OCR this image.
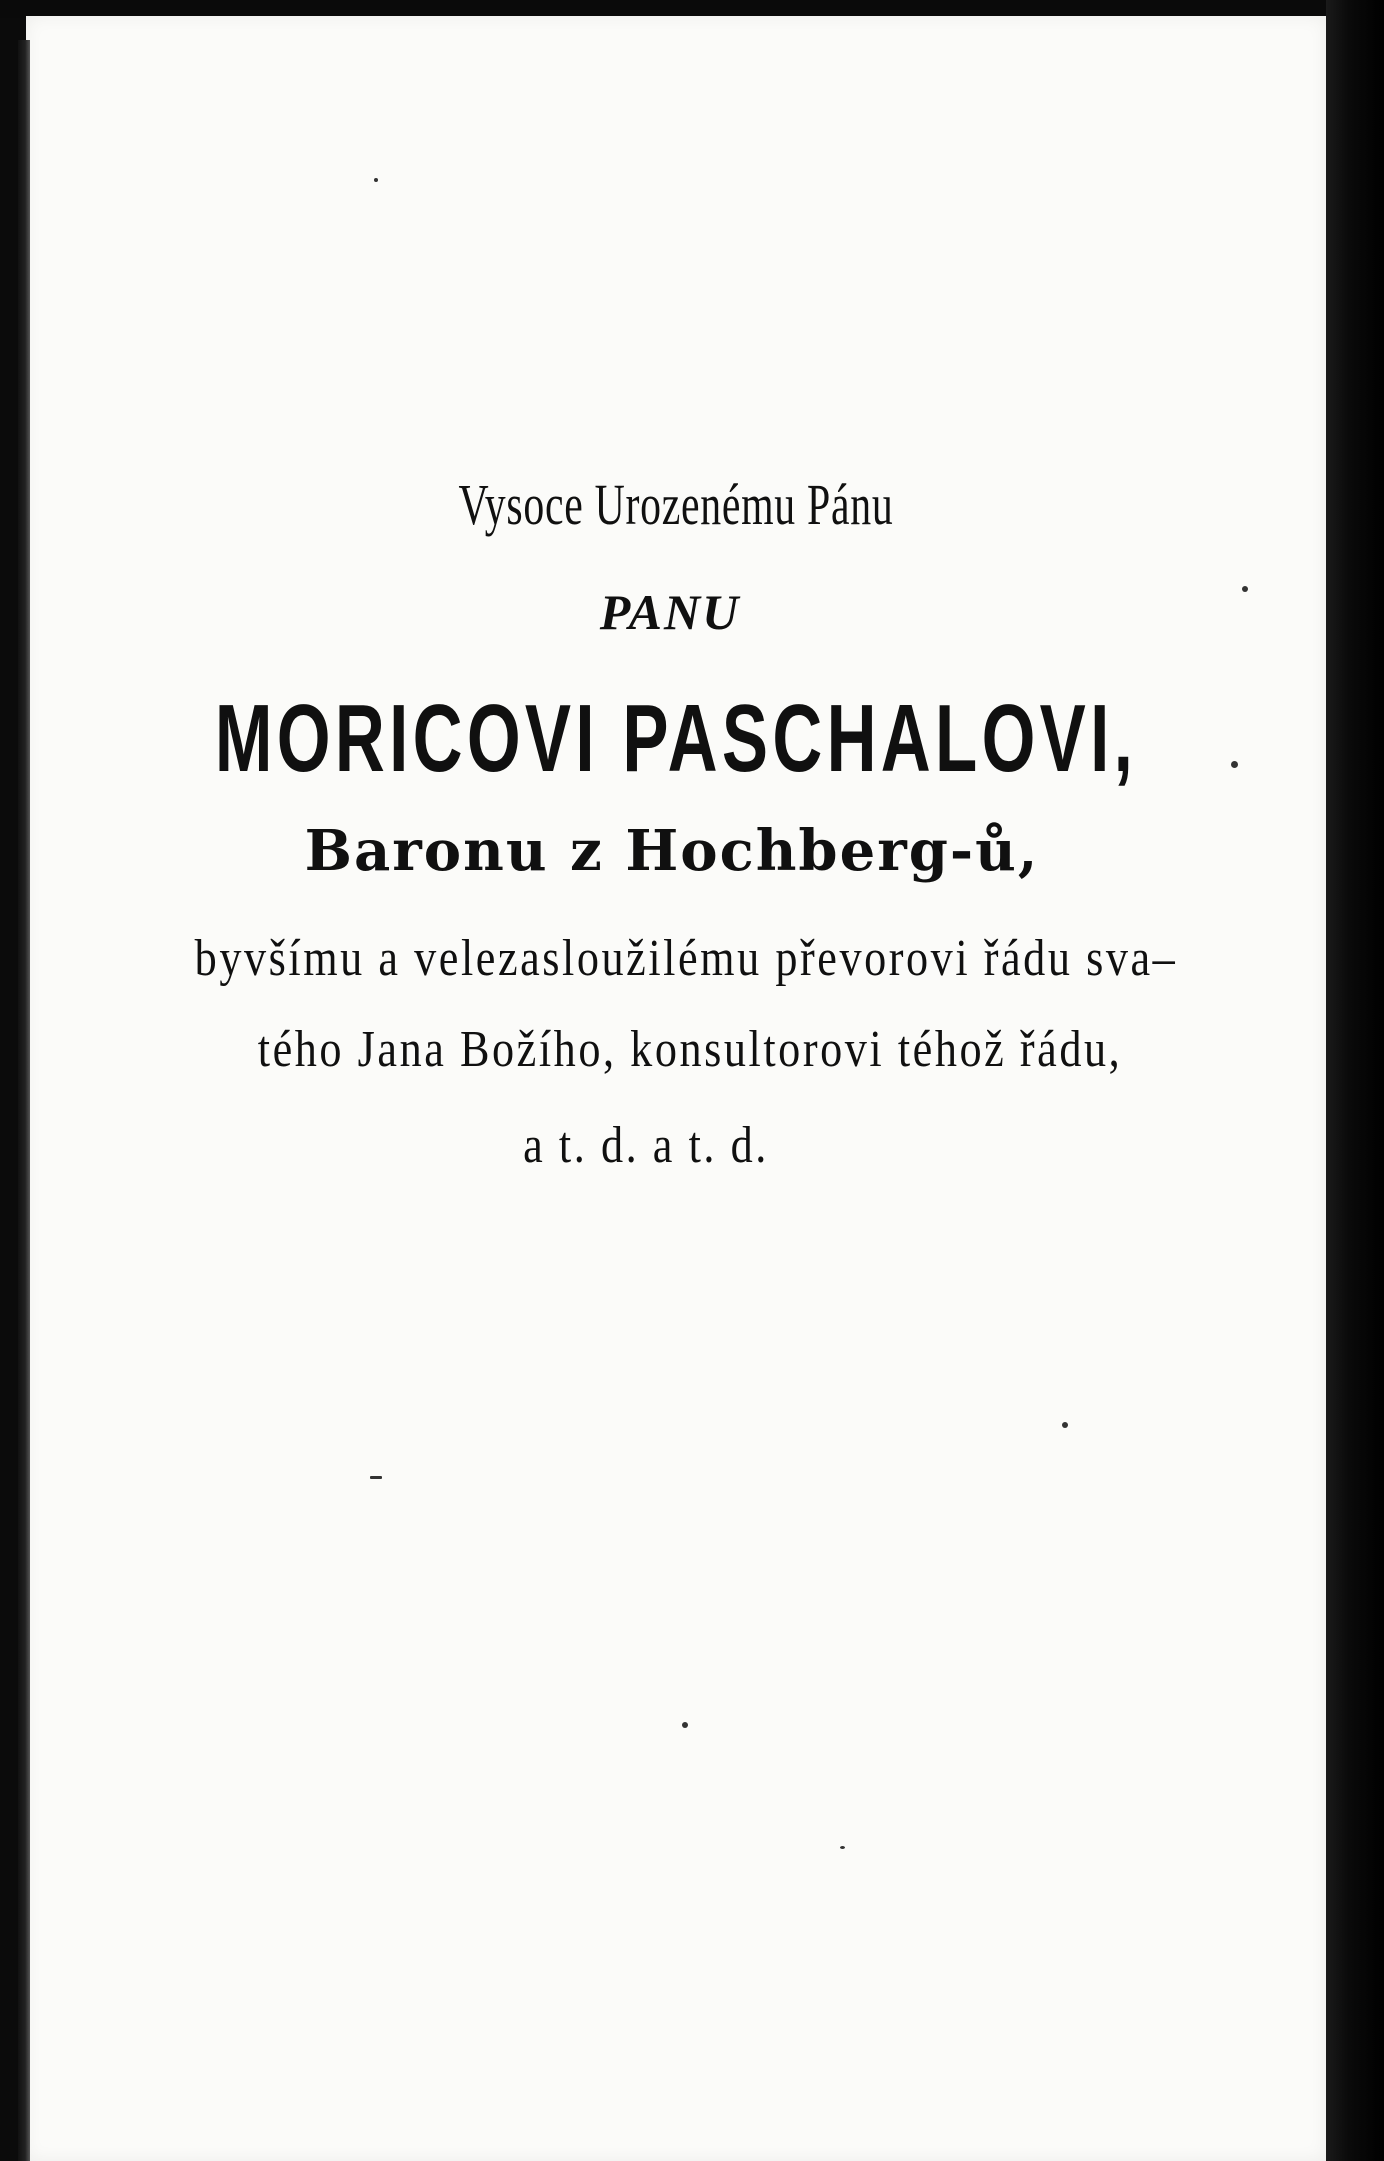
Vysoce Urozenému Pánu
PANU
MORICOVI PASCHALOVI,
Baronu z Hochberg-ů,
byvšímu a velezasloužilému převorovi řádu sva–
tého Jana Božího, konsultorovi téhož řádu,
a t. d. a t. d.
